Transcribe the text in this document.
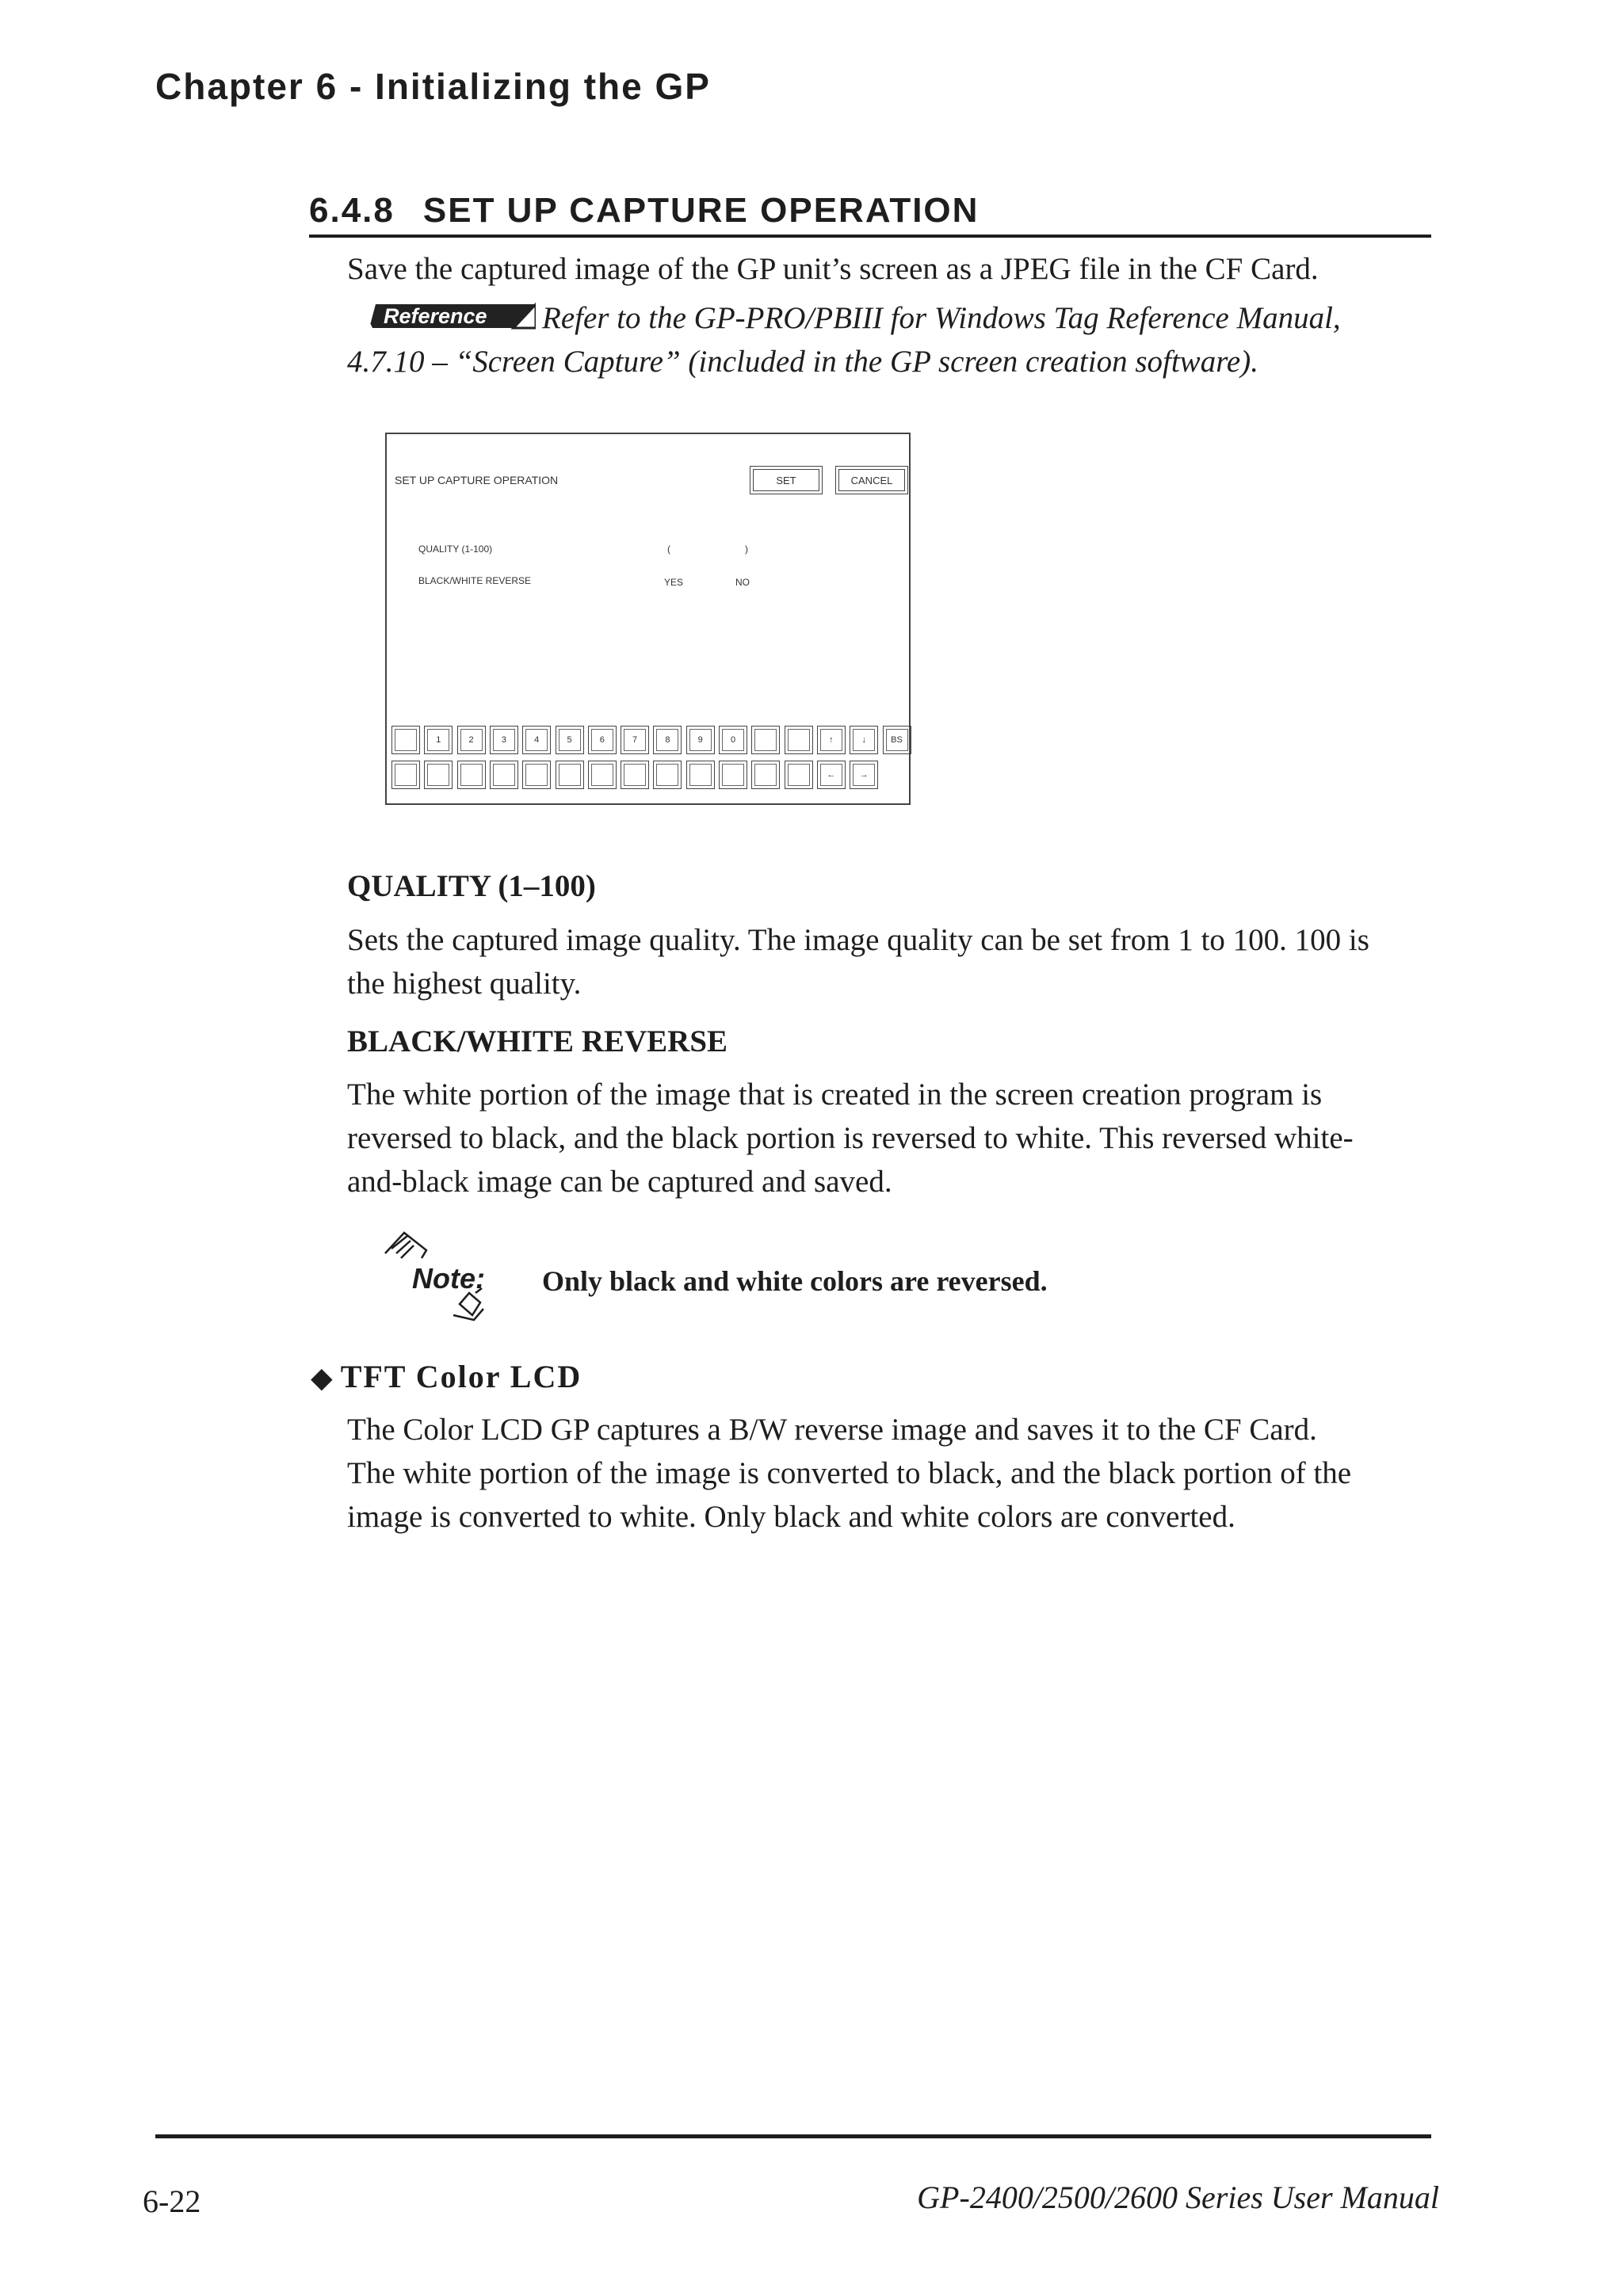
Chapter 6 - Initializing the GP
6.4.8 SET UP CAPTURE OPERATION
Save the captured image of the GP unit’s screen as a JPEG file in the CF Card.
Reference Refer to the GP-PRO/PBIII for Windows Tag Reference Manual,
4.7.10 – “Screen Capture” (included in the GP screen creation software).
SET UP CAPTURE OPERATION	SET	CANCEL
QUALITY (1-100)	(	)
BLACK/WHITE REVERSE	YES	NO
1	2	3	4	5	6	7	8	9	0	↑	↓	BS
←	→
QUALITY (1–100)
Sets the captured image quality. The image quality can be set from 1 to 100. 100 is
the highest quality.
BLACK/WHITE REVERSE
The white portion of the image that is created in the screen creation program is
reversed to black, and the black portion is reversed to white. This reversed white-
and-black image can be captured and saved.
Note: Only black and white colors are reversed.
◆ TFT Color LCD
The Color LCD GP captures a B/W reverse image and saves it to the CF Card.
The white portion of the image is converted to black, and the black portion of the
image is converted to white. Only black and white colors are converted.
6-22	GP-2400/2500/2600 Series User Manual
